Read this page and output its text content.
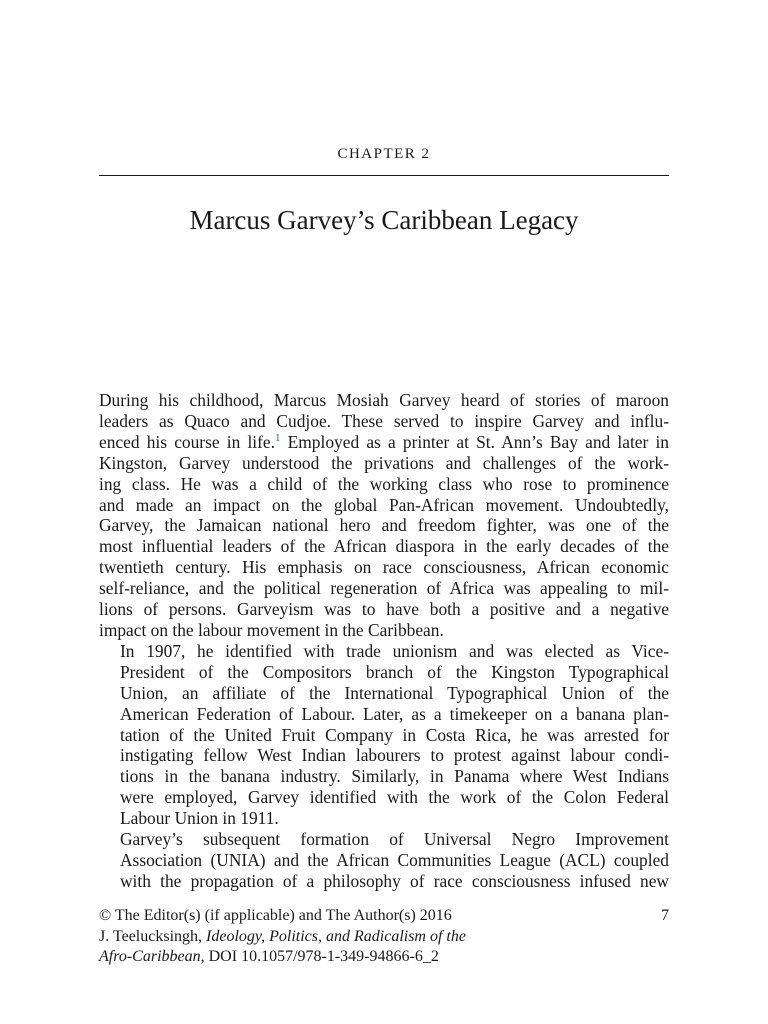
CHAPTER 2
Marcus Garvey’s Caribbean Legacy

During his childhood, Marcus Mosiah Garvey heard of stories of maroon
leaders as Quaco and Cudjoe. These served to inspire Garvey and influ-
enced his course in life.$^1$ Employed as a printer at St. Ann’s Bay and later in
Kingston, Garvey understood the privations and challenges of the work-
ing class. He was a child of the working class who rose to prominence
and made an impact on the global Pan-African movement. Undoubtedly,
Garvey, the Jamaican national hero and freedom fighter, was one of the
most influential leaders of the African diaspora in the early decades of the
twentieth century. His emphasis on race consciousness, African economic
self-reliance, and the political regeneration of Africa was appealing to mil-
lions of persons. Garveyism was to have both a positive and a negative
impact on the labour movement in the Caribbean.

In 1907, he identified with trade unionism and was elected as Vice-
President of the Compositors branch of the Kingston Typographical
Union, an affiliate of the International Typographical Union of the
American Federation of Labour. Later, as a timekeeper on a banana plan-
tation of the United Fruit Company in Costa Rica, he was arrested for
instigating fellow West Indian labourers to protest against labour condi-
tions in the banana industry. Similarly, in Panama where West Indians
were employed, Garvey identified with the work of the Colon Federal
Labour Union in 1911.

Garvey’s subsequent formation of Universal Negro Improvement
Association (UNIA) and the African Communities League (ACL) coupled
with the propagation of a philosophy of race consciousness infused new

© The Editor(s) (if applicable) and The Author(s) 2016	7
J. Teelucksingh, Ideology, Politics, and Radicalism of the
Afro-Caribbean, DOI 10.1057/978-1-349-94866-6_2
